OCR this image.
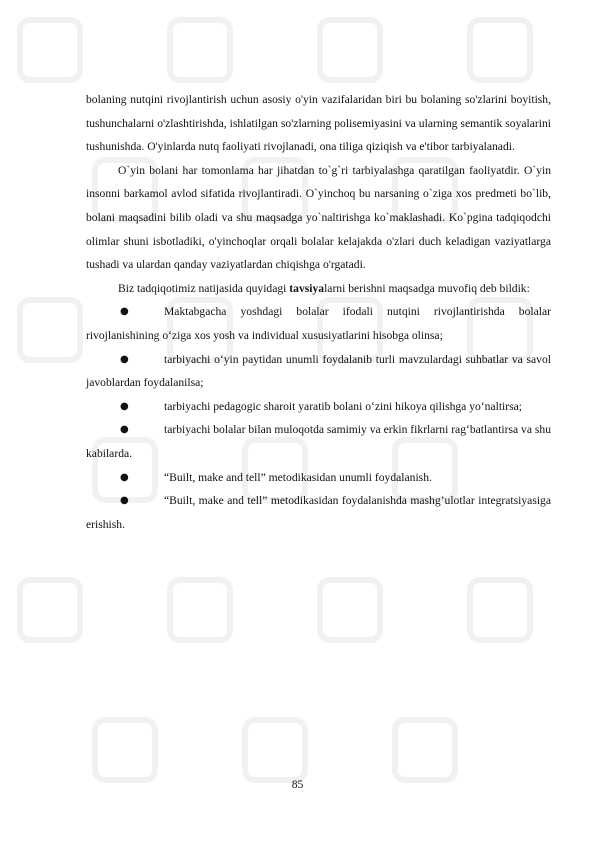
bolaning nutqini rivojlantirish uchun asosiy o'yin vazifalaridan biri bu bolaning so'zlarini boyitish, tushunchalarni o'zlashtirishda, ishlatilgan so'zlarning polisemiyasini va ularning semantik soyalarini tushunishda. O'yinlarda nutq faoliyati rivojlanadi, ona tiliga qiziqish va e'tibor tarbiyalanadi.

O`yin bolani har tomonlama har jihatdan to`g`ri tarbiyalashga qaratilgan faoliyatdir. O`yin insonni barkamol avlod sifatida rivojlantiradi. O`yinchoq bu narsaning o`ziga xos predmeti bo`lib, bolani maqsadini bilib oladi va shu maqsadga yo`naltirishga ko`maklashadi. Ko`pgina tadqiqodchi olimlar shuni isbotladiki, o'yinchoqlar orqali bolalar kelajakda o'zlari duch keladigan vaziyatlarga tushadi va ulardan qanday vaziyatlardan chiqishga o'rgatadi.

Biz tadqiqotimiz natijasida quyidagi tavsiyalarni berishni maqsadga muvofiq deb bildik:

●	Maktabgacha yoshdagi bolalar ifodali nutqini rivojlantirishda bolalar rivojlanishining o‘ziga xos yosh va individual xususiyatlarini hisobga olinsa;

●	tarbiyachi o‘yin paytidan unumli foydalanib turli mavzulardagi suhbatlar va savol javoblardan foydalanilsa;

●	tarbiyachi pedagogic sharoit yaratib bolani o‘zini hikoya qilishga yo‘naltirsa;

●	tarbiyachi bolalar bilan muloqotda samimiy va erkin fikrlarni rag‘batlantirsa va shu kabilarda.

●	“Built, make and tell” metodikasidan unumli foydalanish.

●	“Built, make and tell” metodikasidan foydalanishda mashg’ulotlar integratsiyasiga erishish.

85
